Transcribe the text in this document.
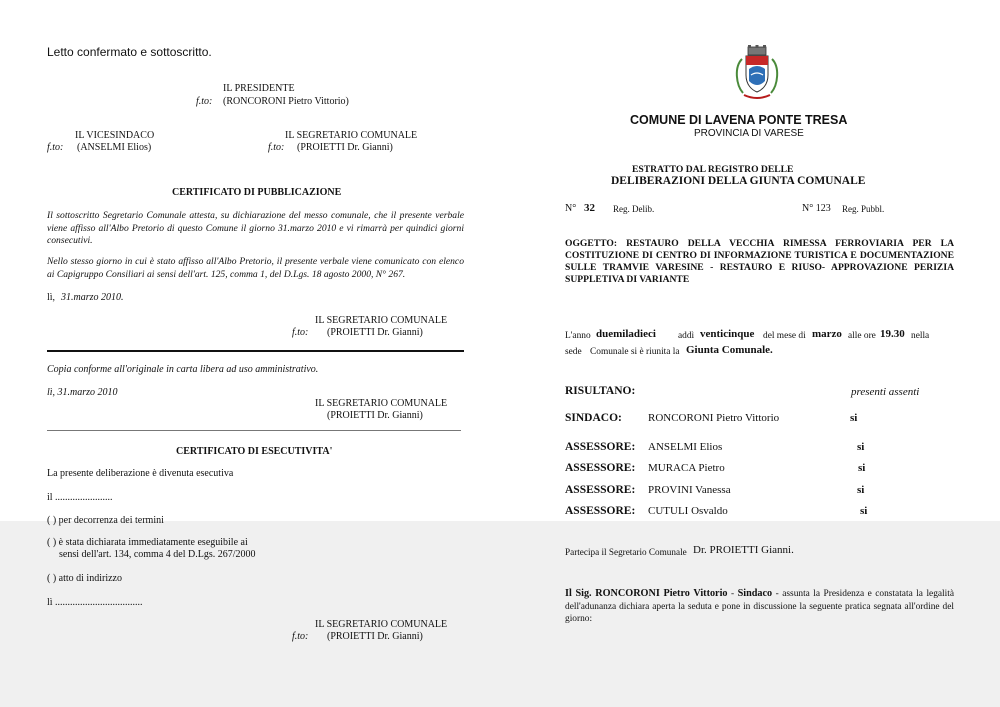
Letto confermato e sottoscritto.
IL PRESIDENTE
f.to: (RONCORONI Pietro Vittorio)
IL VICESINDACO
f.to: (ANSELMI Elios)
IL SEGRETARIO COMUNALE
f.to: (PROIETTI Dr. Gianni)
CERTIFICATO DI PUBBLICAZIONE
Il sottoscritto Segretario Comunale attesta, su dichiarazione del messo comunale, che il presente verbale viene affisso all'Albo Pretorio di questo Comune il giorno 31.marzo 2010 e vi rimarrà per quindici giorni consecutivi.
Nello stesso giorno in cui è stato affisso all'Albo Pretorio, il presente verbale viene comunicato con elenco ai Capigruppo Consiliari ai sensi dell'art. 125, comma 1, del D.Lgs. 18 agosto 2000, N° 267.
lì, 31.marzo 2010.
IL SEGRETARIO COMUNALE
f.to: (PROIETTI Dr. Gianni)
Copia conforme all'originale in carta libera ad uso amministrativo.
lì, 31.marzo 2010
IL SEGRETARIO COMUNALE
(PROIETTI Dr. Gianni)
CERTIFICATO DI ESECUTIVITA'
La presente deliberazione è divenuta esecutiva
il .......................
( ) per decorrenza dei termini
( ) è stata dichiarata immediatamente eseguibile ai
sensi dell'art. 134, comma 4 del D.Lgs. 267/2000
( ) atto di indirizzo
lì ...................................
IL SEGRETARIO COMUNALE
f.to: (PROIETTI Dr. Gianni)
COMUNE DI LAVENA PONTE TRESA
PROVINCIA DI VARESE
ESTRATTO DAL REGISTRO DELLE
DELIBERAZIONI DELLA GIUNTA COMUNALE
N° 32 Reg. Delib.	N° 123 Reg. Pubbl.
OGGETTO: RESTAURO DELLA VECCHIA RIMESSA FERROVIARIA PER LA COSTITUZIONE DI CENTRO DI INFORMAZIONE TURISTICA E DOCUMENTAZIONE SULLE TRAMVIE VARESINE - RESTAURO E RIUSO- APPROVAZIONE PERIZIA SUPPLETIVA DI VARIANTE
L'anno duemiladieci addì venticinque del mese di marzo alle ore 19.30 nella
sede Comunale si è riunita la Giunta Comunale.
RISULTANO:	presenti assenti
SINDACO: RONCORONI Pietro Vittorio	si
ASSESSORE: ANSELMI Elios	si
ASSESSORE: MURACA Pietro	si
ASSESSORE: PROVINI Vanessa	si
ASSESSORE: CUTULI Osvaldo	si
Partecipa il Segretario Comunale Dr. PROIETTI Gianni.
Il Sig. RONCORONI Pietro Vittorio - Sindaco - assunta la Presidenza e constatata la legalità dell'adunanza dichiara aperta la seduta e pone in discussione la seguente pratica segnata all'ordine del giorno:
